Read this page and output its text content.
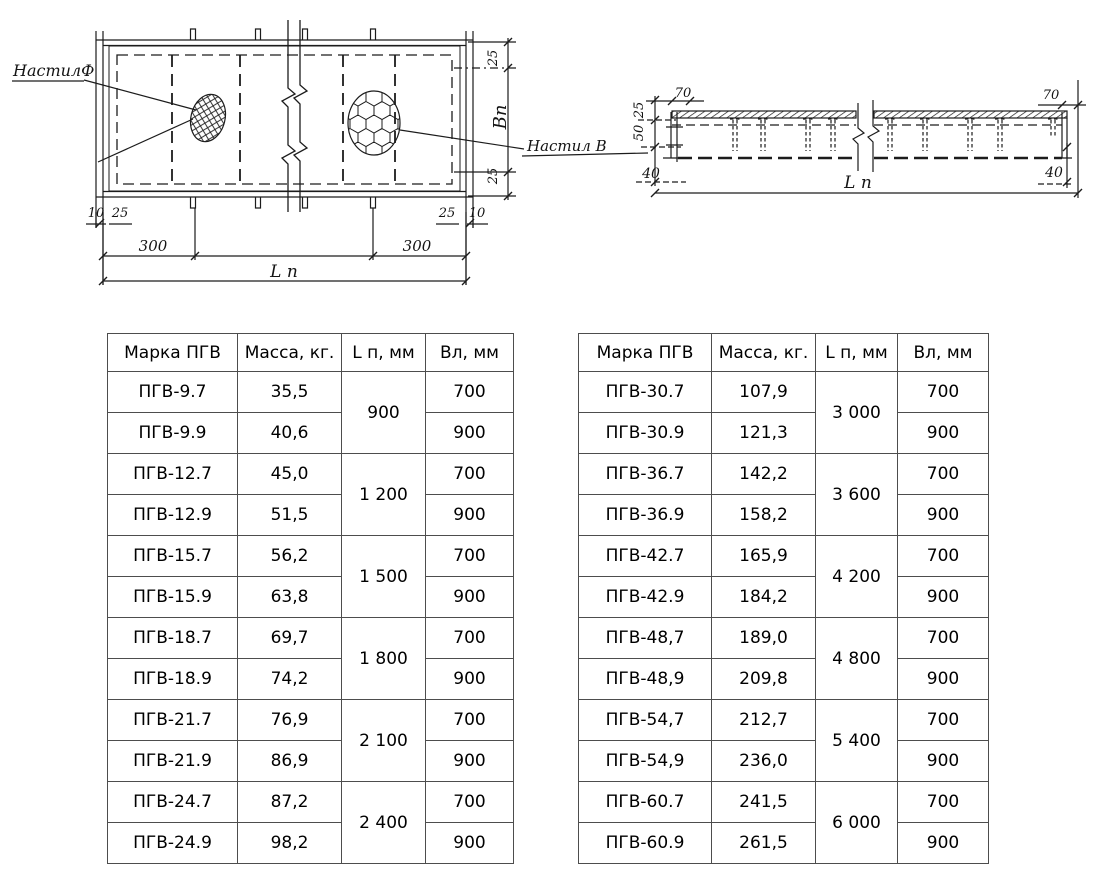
НастилФ
Настил В
25
Вп
25
10 25	25 10
300	300
L п
25
70
50
40
70
40
L п
Марка ПГВ	Масса, кг.	L п, мм	Вл, мм
ПГВ-9.7	35,5	900	700
ПГВ-9.9	40,6		900
ПГВ-12.7	45,0	1 200	700
ПГВ-12.9	51,5		900
ПГВ-15.7	56,2	1 500	700
ПГВ-15.9	63,8		900
ПГВ-18.7	69,7	1 800	700
ПГВ-18.9	74,2		900
ПГВ-21.7	76,9	2 100	700
ПГВ-21.9	86,9		900
ПГВ-24.7	87,2	2 400	700
ПГВ-24.9	98,2		900
Марка ПГВ	Масса, кг.	L п, мм	Вл, мм
ПГВ-30.7	107,9	3 000	700
ПГВ-30.9	121,3		900
ПГВ-36.7	142,2	3 600	700
ПГВ-36.9	158,2		900
ПГВ-42.7	165,9	4 200	700
ПГВ-42.9	184,2		900
ПГВ-48,7	189,0	4 800	700
ПГВ-48,9	209,8		900
ПГВ-54,7	212,7	5 400	700
ПГВ-54,9	236,0		900
ПГВ-60.7	241,5	6 000	700
ПГВ-60.9	261,5		900
